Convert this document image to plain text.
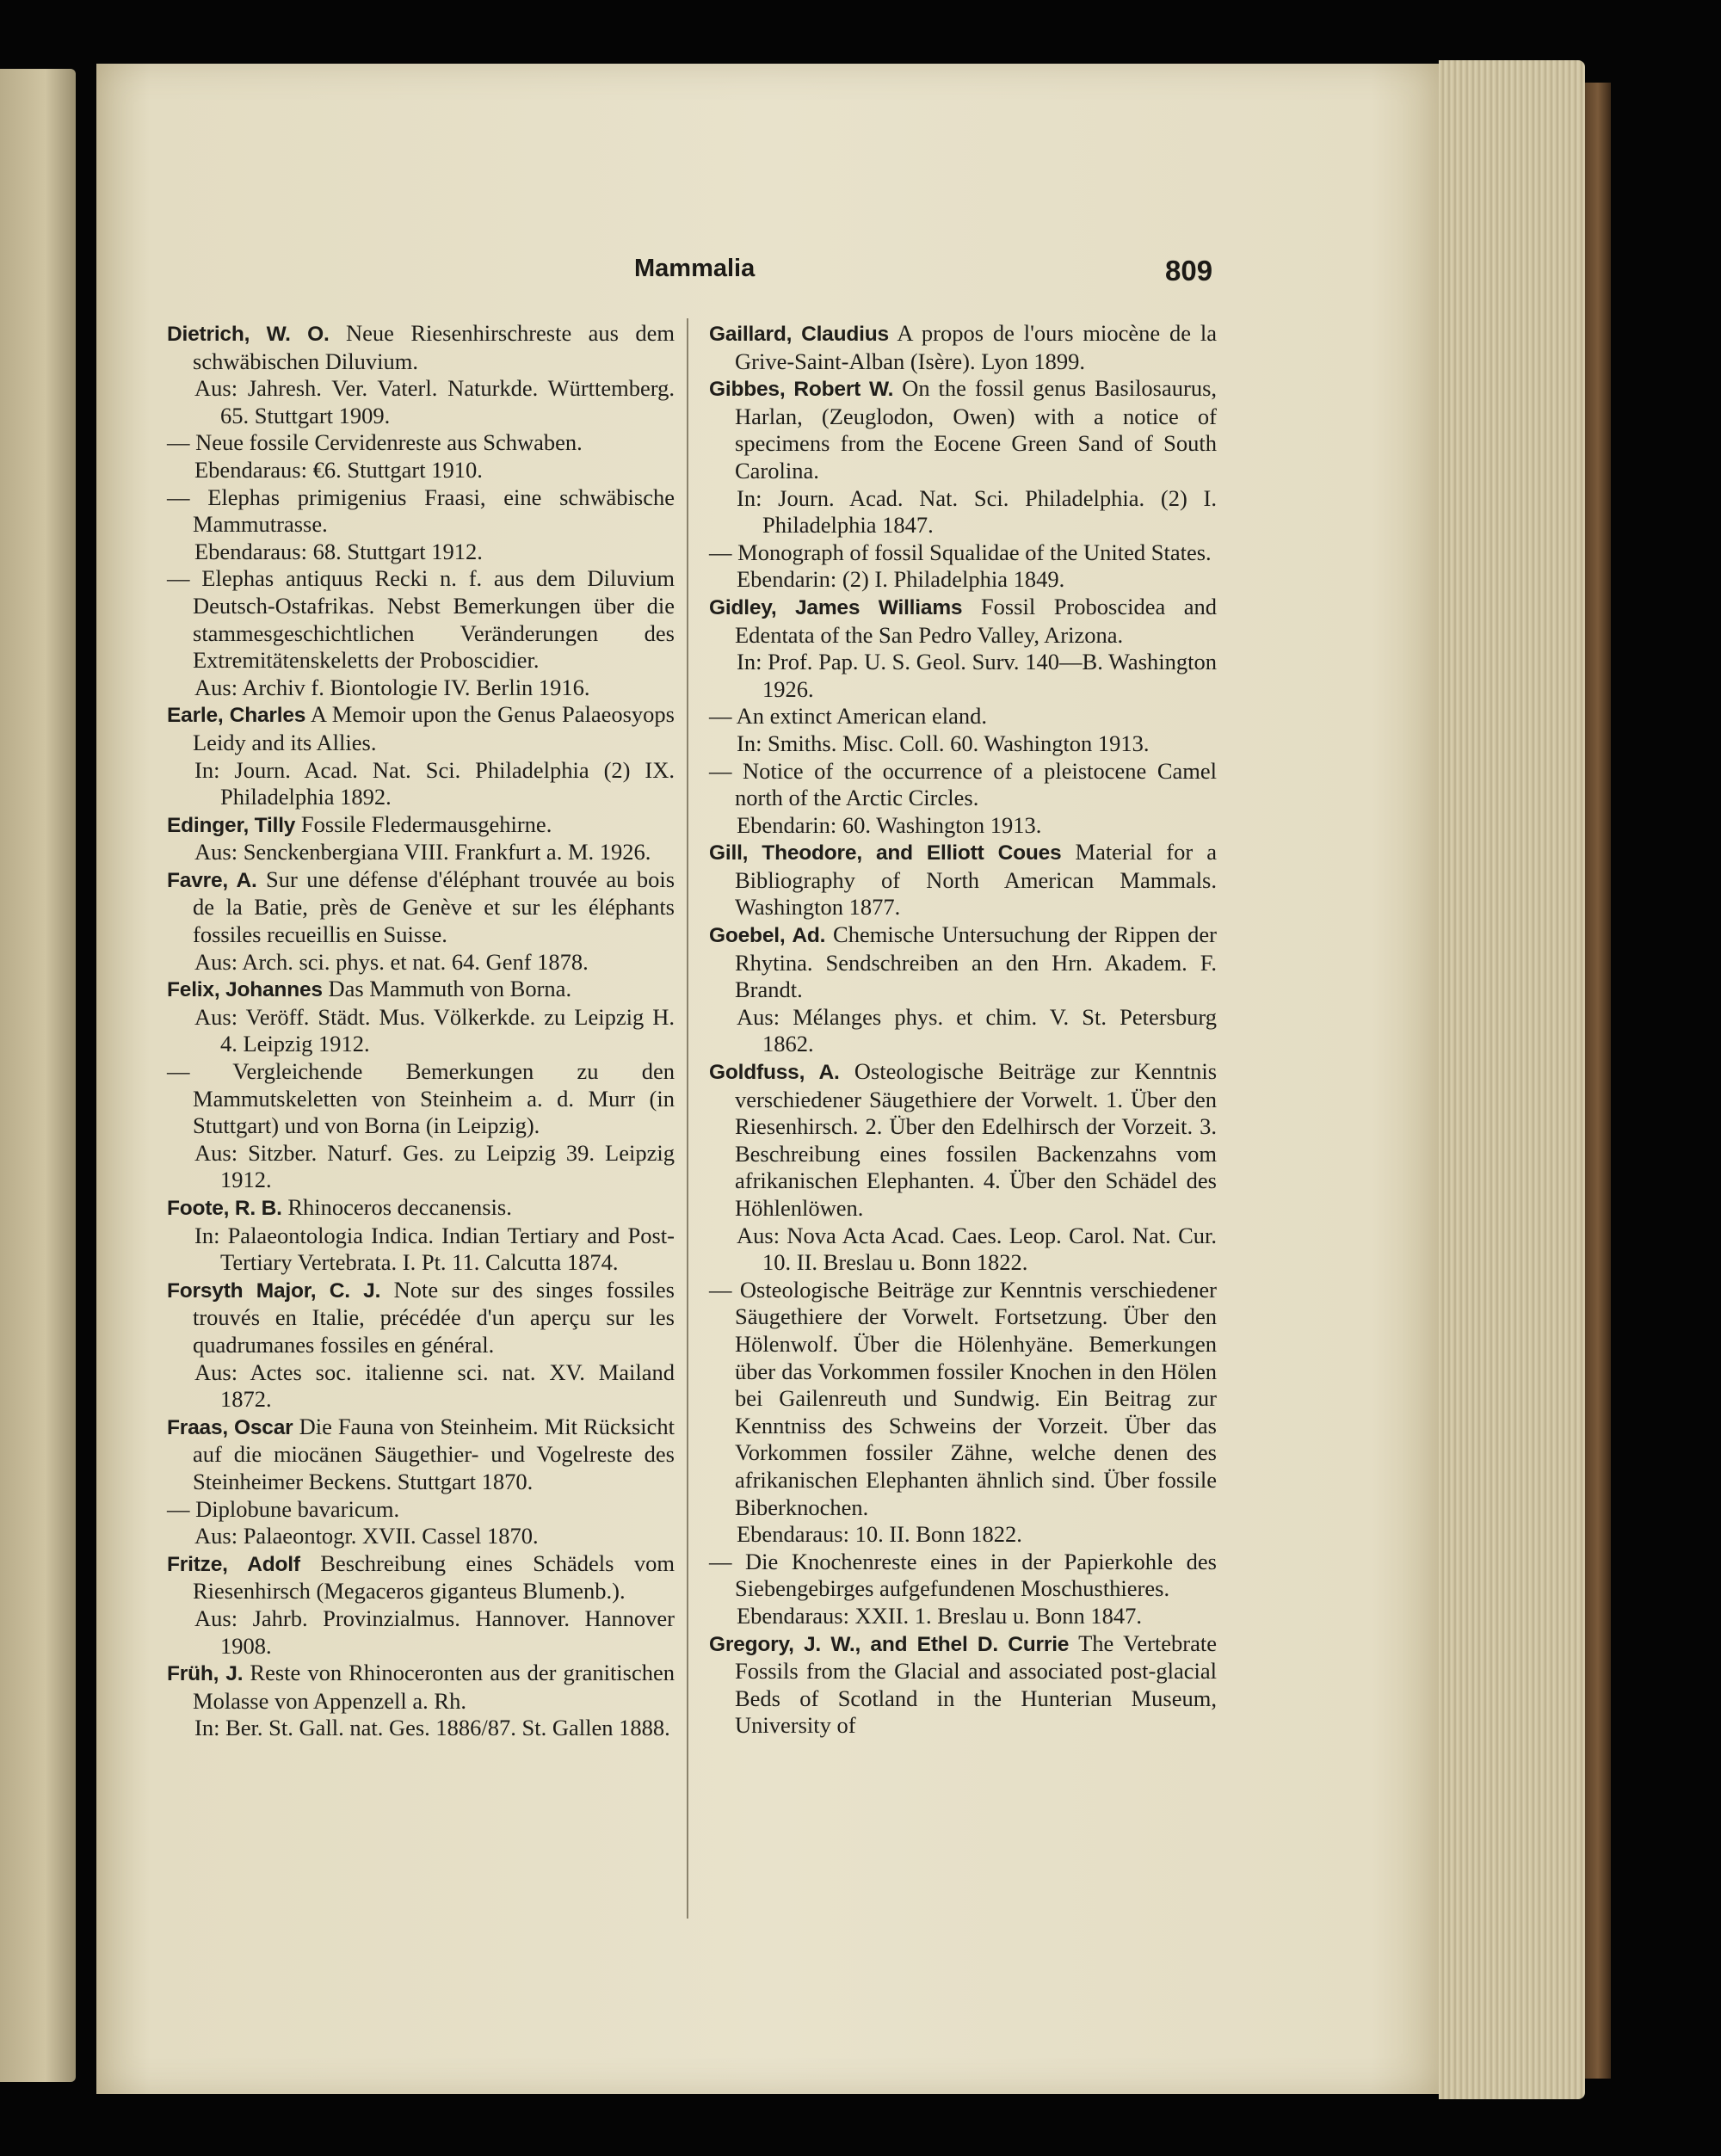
Mammalia	809
Dietrich, W. O. Neue Riesenhirschreste aus dem schwäbischen Diluvium.
Aus: Jahresh. Ver. Vaterl. Naturkde. Württemberg. 65. Stuttgart 1909.
— Neue fossile Cervidenreste aus Schwaben.
Ebendaraus: €6. Stuttgart 1910.
— Elephas primigenius Fraasi, eine schwäbische Mammutrasse.
Ebendaraus: 68. Stuttgart 1912.
— Elephas antiquus Recki n. f. aus dem Diluvium Deutsch-Ostafrikas. Nebst Bemerkungen über die stammesgeschichtlichen Veränderungen des Extremitätenskeletts der Proboscidier.
Aus: Archiv f. Biontologie IV. Berlin 1916.
Earle, Charles A Memoir upon the Genus Palaeosyops Leidy and its Allies.
In: Journ. Acad. Nat. Sci. Philadelphia (2) IX. Philadelphia 1892.
Edinger, Tilly Fossile Fledermausgehirne.
Aus: Senckenbergiana VIII. Frankfurt a. M. 1926.
Favre, A. Sur une défense d'éléphant trouvée au bois de la Batie, près de Genève et sur les éléphants fossiles recueillis en Suisse.
Aus: Arch. sci. phys. et nat. 64. Genf 1878.
Felix, Johannes Das Mammuth von Borna.
Aus: Veröff. Städt. Mus. Völkerkde. zu Leipzig H. 4. Leipzig 1912.
— Vergleichende Bemerkungen zu den Mammutskeletten von Steinheim a. d. Murr (in Stuttgart) und von Borna (in Leipzig).
Aus: Sitzber. Naturf. Ges. zu Leipzig 39. Leipzig 1912.
Foote, R. B. Rhinoceros deccanensis.
In: Palaeontologia Indica. Indian Tertiary and Post-Tertiary Vertebrata. I. Pt. 11. Calcutta 1874.
Forsyth Major, C. J. Note sur des singes fossiles trouvés en Italie, précédée d'un aperçu sur les quadrumanes fossiles en général.
Aus: Actes soc. italienne sci. nat. XV. Mailand 1872.
Fraas, Oscar Die Fauna von Steinheim. Mit Rücksicht auf die miocänen Säugethier- und Vogelreste des Steinheimer Beckens. Stuttgart 1870.
— Diplobune bavaricum.
Aus: Palaeontogr. XVII. Cassel 1870.
Fritze, Adolf Beschreibung eines Schädels vom Riesenhirsch (Megaceros giganteus Blumenb.).
Aus: Jahrb. Provinzialmus. Hannover. Hannover 1908.
Früh, J. Reste von Rhinoceronten aus der granitischen Molasse von Appenzell a. Rh.
In: Ber. St. Gall. nat. Ges. 1886/87. St. Gallen 1888.
Gaillard, Claudius A propos de l'ours miocène de la Grive-Saint-Alban (Isère). Lyon 1899.
Gibbes, Robert W. On the fossil genus Basilosaurus, Harlan, (Zeuglodon, Owen) with a notice of specimens from the Eocene Green Sand of South Carolina.
In: Journ. Acad. Nat. Sci. Philadelphia. (2) I. Philadelphia 1847.
— Monograph of fossil Squalidae of the United States.
Ebendarin: (2) I. Philadelphia 1849.
Gidley, James Williams Fossil Proboscidea and Edentata of the San Pedro Valley, Arizona.
In: Prof. Pap. U. S. Geol. Surv. 140—B. Washington 1926.
— An extinct American eland.
In: Smiths. Misc. Coll. 60. Washington 1913.
— Notice of the occurrence of a pleistocene Camel north of the Arctic Circles.
Ebendarin: 60. Washington 1913.
Gill, Theodore, and Elliott Coues Material for a Bibliography of North American Mammals. Washington 1877.
Goebel, Ad. Chemische Untersuchung der Rippen der Rhytina. Sendschreiben an den Hrn. Akadem. F. Brandt.
Aus: Mélanges phys. et chim. V. St. Petersburg 1862.
Goldfuss, A. Osteologische Beiträge zur Kenntnis verschiedener Säugethiere der Vorwelt. 1. Über den Riesenhirsch. 2. Über den Edelhirsch der Vorzeit. 3. Beschreibung eines fossilen Backenzahns vom afrikanischen Elephanten. 4. Über den Schädel des Höhlenlöwen.
Aus: Nova Acta Acad. Caes. Leop. Carol. Nat. Cur. 10. II. Breslau u. Bonn 1822.
— Osteologische Beiträge zur Kenntnis verschiedener Säugethiere der Vorwelt. Fortsetzung. Über den Hölenwolf. Über die Hölenhyäne. Bemerkungen über das Vorkommen fossiler Knochen in den Hölen bei Gailenreuth und Sundwig. Ein Beitrag zur Kenntniss des Schweins der Vorzeit. Über das Vorkommen fossiler Zähne, welche denen des afrikanischen Elephanten ähnlich sind. Über fossile Biberknochen.
Ebendaraus: 10. II. Bonn 1822.
— Die Knochenreste eines in der Papierkohle des Siebengebirges aufgefundenen Moschusthieres.
Ebendaraus: XXII. 1. Breslau u. Bonn 1847.
Gregory, J. W., and Ethel D. Currie The Vertebrate Fossils from the Glacial and associated post-glacial Beds of Scotland in the Hunterian Museum, University of
